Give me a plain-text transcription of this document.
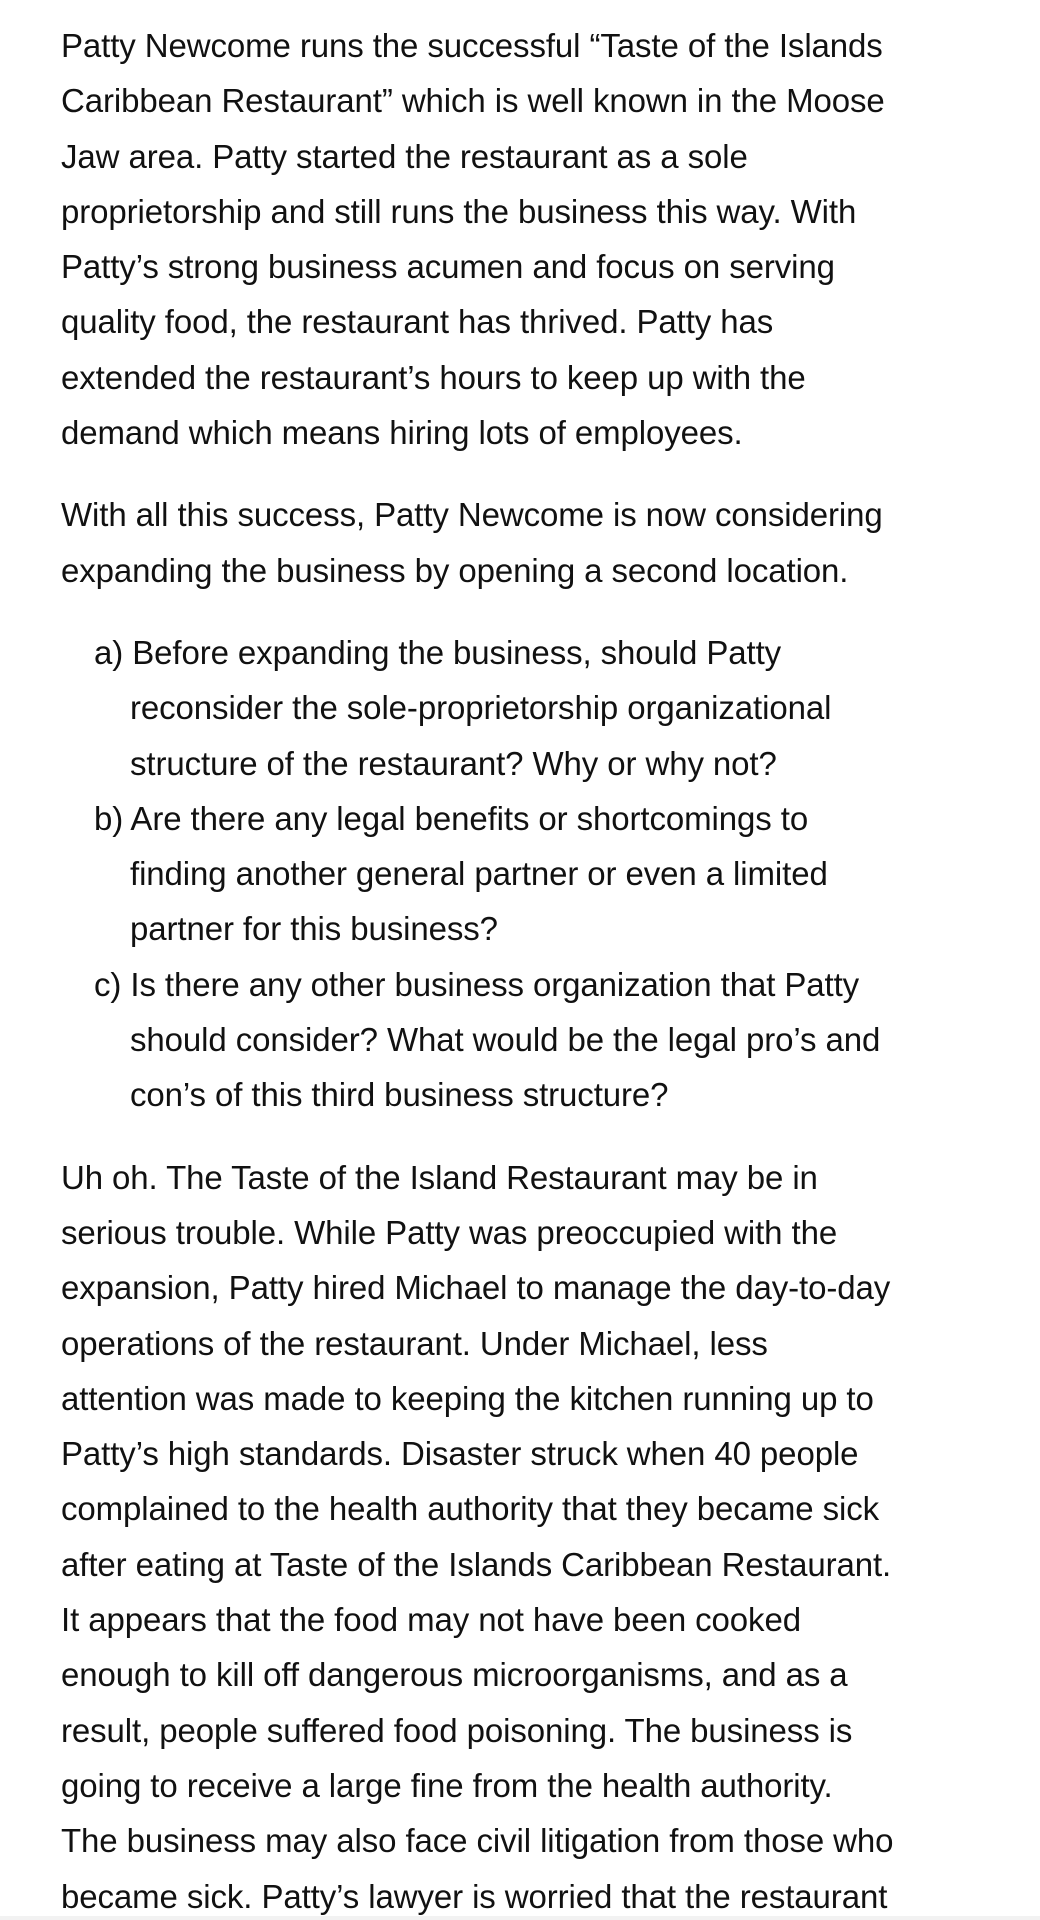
Patty Newcome runs the successful “Taste of the Islands
Caribbean Restaurant” which is well known in the Moose
Jaw area. Patty started the restaurant as a sole
proprietorship and still runs the business this way. With
Patty’s strong business acumen and focus on serving
quality food, the restaurant has thrived. Patty has
extended the restaurant’s hours to keep up with the
demand which means hiring lots of employees.
With all this success, Patty Newcome is now considering
expanding the business by opening a second location.
a) Before expanding the business, should Patty
reconsider the sole-proprietorship organizational
structure of the restaurant? Why or why not?
b) Are there any legal benefits or shortcomings to
finding another general partner or even a limited
partner for this business?
c) Is there any other business organization that Patty
should consider? What would be the legal pro’s and
con’s of this third business structure?
Uh oh. The Taste of the Island Restaurant may be in
serious trouble. While Patty was preoccupied with the
expansion, Patty hired Michael to manage the day-to-day
operations of the restaurant. Under Michael, less
attention was made to keeping the kitchen running up to
Patty’s high standards. Disaster struck when 40 people
complained to the health authority that they became sick
after eating at Taste of the Islands Caribbean Restaurant.
It appears that the food may not have been cooked
enough to kill off dangerous microorganisms, and as a
result, people suffered food poisoning. The business is
going to receive a large fine from the health authority.
The business may also face civil litigation from those who
became sick. Patty’s lawyer is worried that the restaurant
